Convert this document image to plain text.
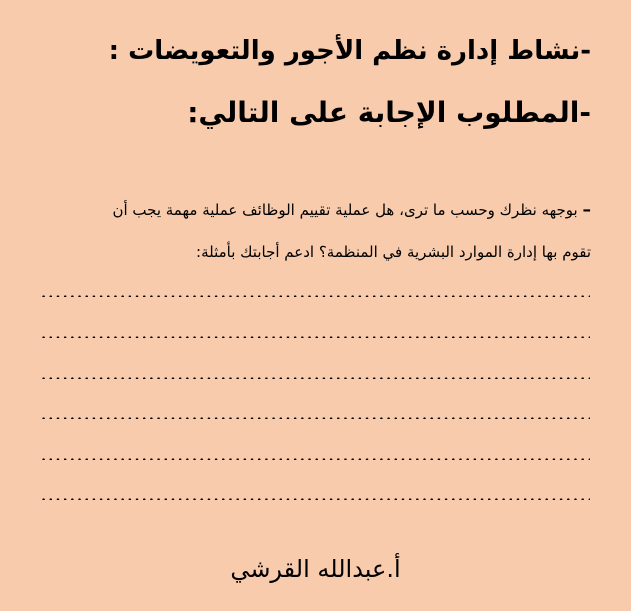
-نشاط إدارة نظم الأجور والتعويضات :
-المطلوب الإجابة على التالي:

– بوجهه نظرك وحسب ما ترى، هل عملية تقييم الوظائف عملية مهمة يجب أن

تقوم بها إدارة الموارد البشرية في المنظمة؟ ادعم أجابتك بأمثلة:

أ.عبدالله القرشي
